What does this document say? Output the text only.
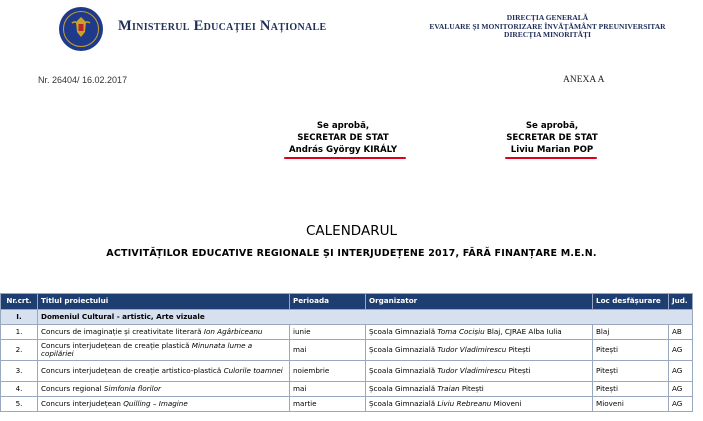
Ministerul Educației Naționale
DIRECȚIA GENERALĂ
EVALUARE ȘI MONITORIZARE ÎNVĂȚĂMÂNT PREUNIVERSITAR
DIRECȚIA MINORITĂȚI
Nr. 26404/ 16.02.2017	ANEXA A
Se aprobă,
SECRETAR DE STAT
András György KIRÁLY
Se aprobă,
SECRETAR DE STAT
Liviu Marian POP
CALENDARUL
ACTIVITĂȚILOR EDUCATIVE REGIONALE ȘI INTERJUDEȚENE 2017, FĂRĂ FINANȚARE M.E.N.
Nr.crt.	Titlul proiectului	Perioada	Organizator	Loc desfășurare	Jud.
I.	Domeniul Cultural - artistic, Arte vizuale				
1.	Concurs de imaginație și creativitate literară Ion Agârbiceanu	iunie	Școala Gimnazială Toma Cocișiu Blaj, CJRAE Alba Iulia	Blaj	AB
2.	Concurs interjudețean de creație plastică Minunata lume a copilăriei	mai	Școala Gimnazială Tudor Vladimirescu Pitești	Pitești	AG
3.	Concurs interjudețean de creație artistico-plastică Culorile toamnei	noiembrie	Școala Gimnazială Tudor Vladimirescu Pitești	Pitești	AG
4.	Concurs regional Simfonia florilor	mai	Școala Gimnazială Traian Pitești	Pitești	AG
5.	Concurs interjudețean Quilling – Imagine	martie	Școala Gimnazială Liviu Rebreanu Mioveni	Mioveni	AG
